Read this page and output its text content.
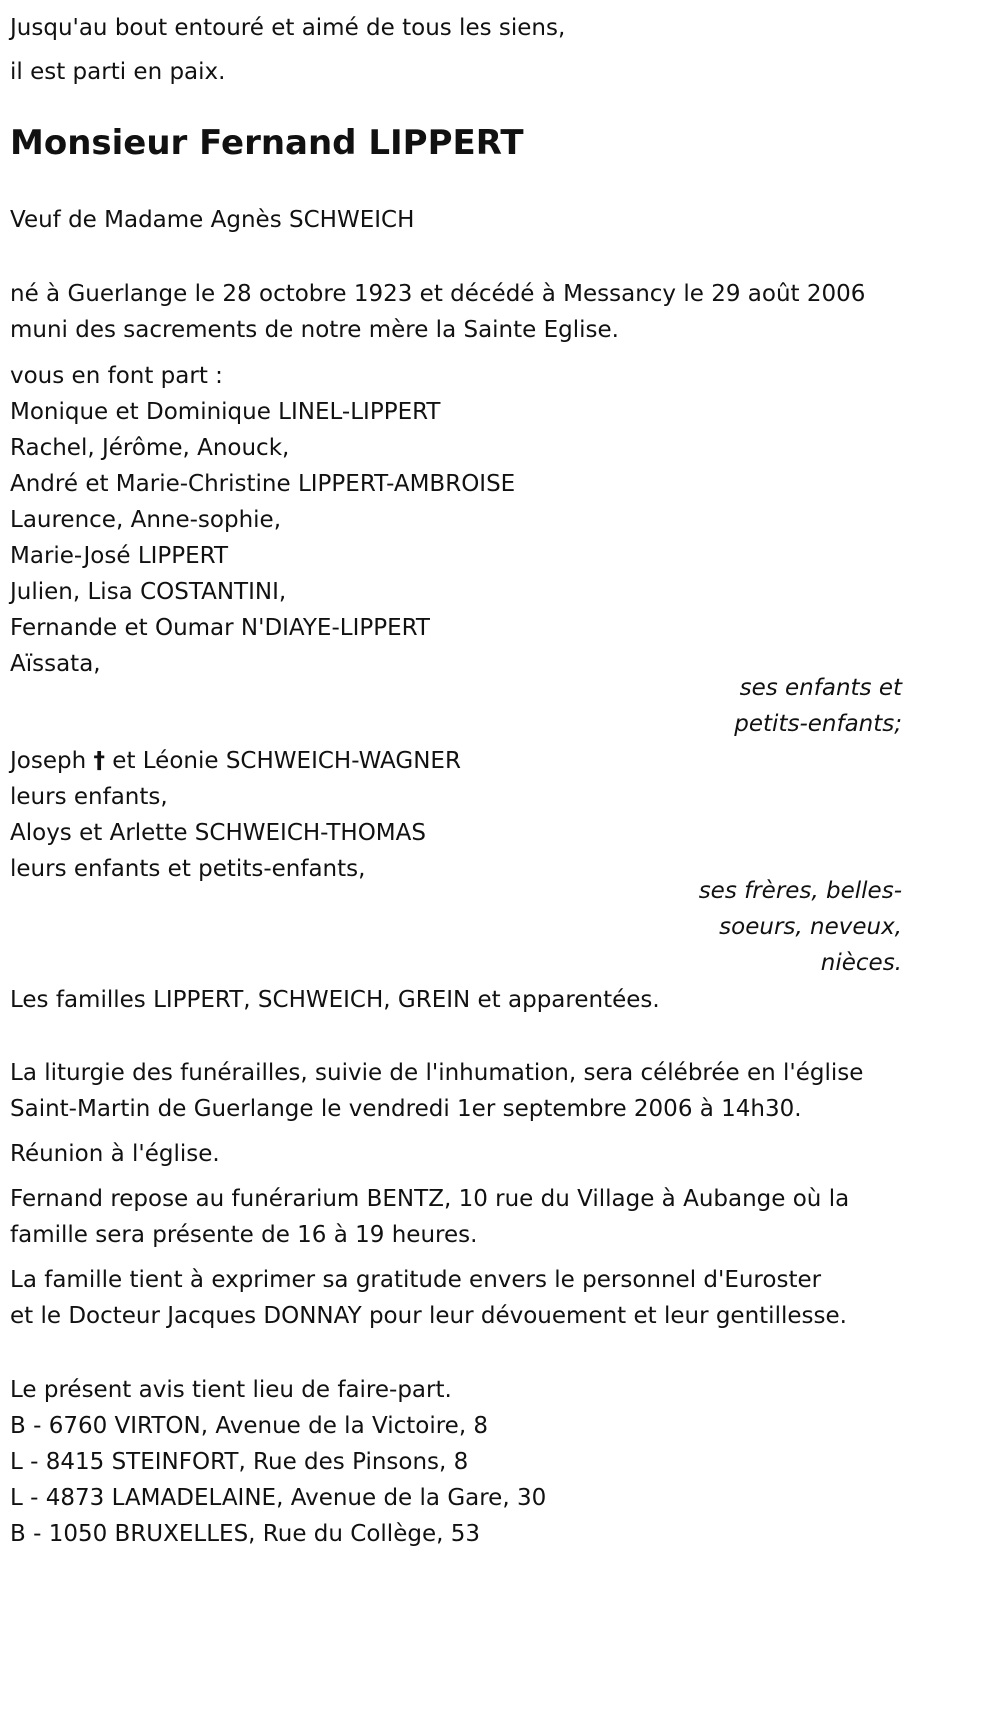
Jusqu'au bout entouré et aimé de tous les siens,
il est parti en paix.
Monsieur Fernand LIPPERT
Veuf de Madame Agnès SCHWEICH
né à Guerlange le 28 octobre 1923 et décédé à Messancy le 29 août 2006
muni des sacrements de notre mère la Sainte Eglise.
vous en font part :
Monique et Dominique LINEL-LIPPERT
Rachel, Jérôme, Anouck,
André et Marie-Christine LIPPERT-AMBROISE
Laurence, Anne-sophie,
Marie-José LIPPERT
Julien, Lisa COSTANTINI,
Fernande et Oumar N'DIAYE-LIPPERT
Aïssata,
ses enfants et
petits-enfants;
Joseph † et Léonie SCHWEICH-WAGNER
leurs enfants,
Aloys et Arlette SCHWEICH-THOMAS
leurs enfants et petits-enfants,
ses frères, belles-
soeurs, neveux,
nièces.
Les familles LIPPERT, SCHWEICH, GREIN et apparentées.
La liturgie des funérailles, suivie de l'inhumation, sera célébrée en l'église
Saint-Martin de Guerlange le vendredi 1er septembre 2006 à 14h30.
Réunion à l'église.
Fernand repose au funérarium BENTZ, 10 rue du Village à Aubange où la
famille sera présente de 16 à 19 heures.
La famille tient à exprimer sa gratitude envers le personnel d'Euroster
et le Docteur Jacques DONNAY pour leur dévouement et leur gentillesse.
Le présent avis tient lieu de faire-part.
B - 6760 VIRTON, Avenue de la Victoire, 8
L - 8415 STEINFORT, Rue des Pinsons, 8
L - 4873 LAMADELAINE, Avenue de la Gare, 30
B - 1050 BRUXELLES, Rue du Collège, 53
